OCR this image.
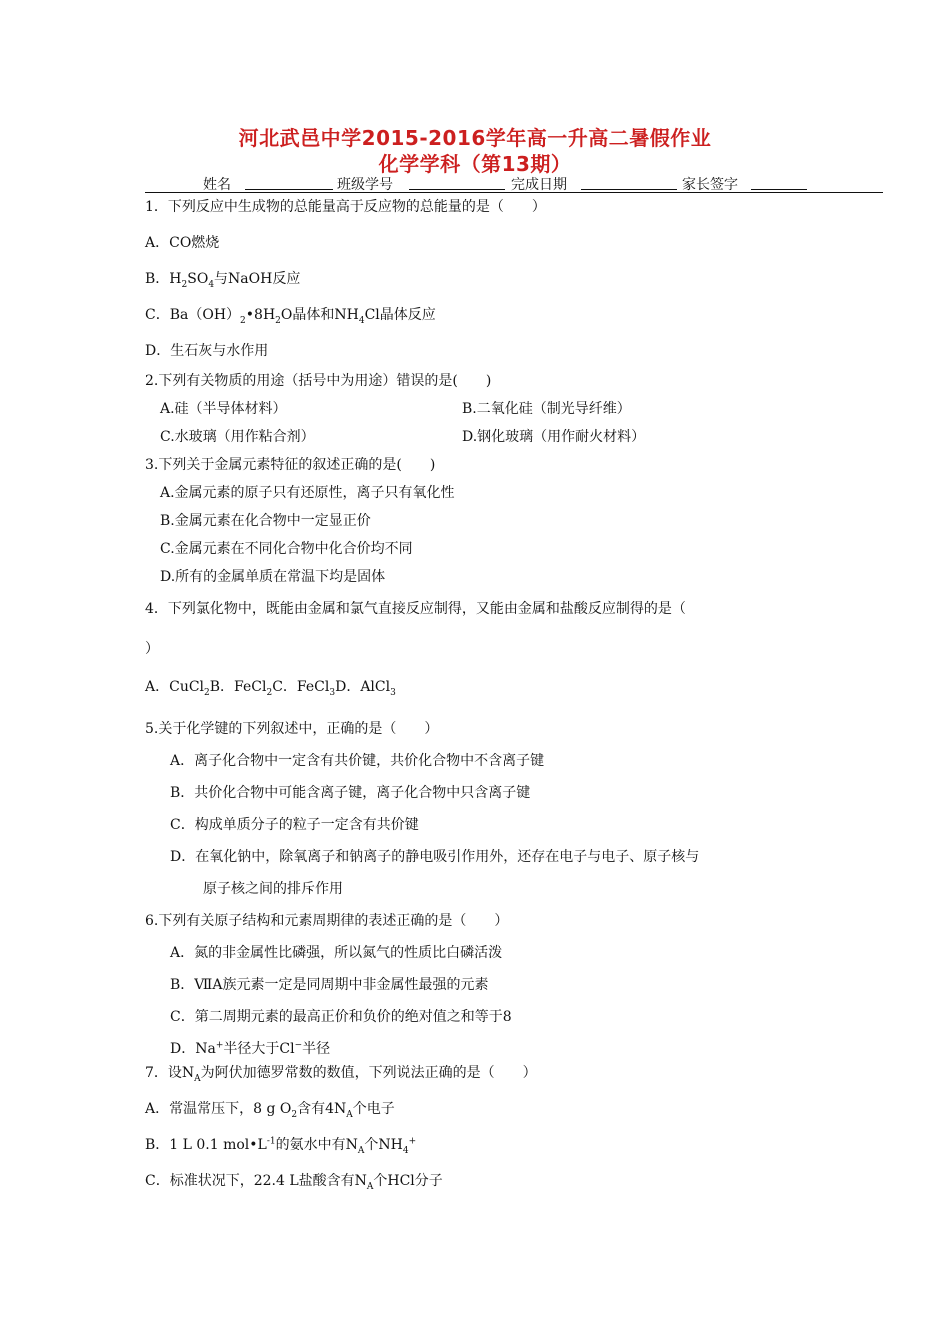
河北武邑中学2015-2016学年高一升高二暑假作业
化学学科（第13期）
姓名	班级学号	完成日期	家长签字
1．下列反应中生成物的总能量高于反应物的总能量的是（　　）
A．CO燃烧
B．$H_2SO_4$与NaOH反应
C．$Ba(OH)_2•8H_2O$晶体和$NH_4Cl$晶体反应
D．生石灰与水作用
2.下列有关物质的用途（括号中为用途）错误的是(　　)
A.硅（半导体材料）	B.二氧化硅（制光导纤维）
C.水玻璃（用作粘合剂）	D.钢化玻璃（用作耐火材料）
3.下列关于金属元素特征的叙述正确的是(　　)
A.金属元素的原子只有还原性，离子只有氧化性
B.金属元素在化合物中一定显正价
C.金属元素在不同化合物中化合价均不同
D.所有的金属单质在常温下均是固体
4．下列氯化物中，既能由金属和氯气直接反应制得，又能由金属和盐酸反应制得的是（
）
A．CuCl$_2$B．FeCl$_2$C．FeCl$_3$D．AlCl$_3$
5.关于化学键的下列叙述中，正确的是（　　）
A．离子化合物中一定含有共价键，共价化合物中不含离子键
B．共价化合物中可能含离子键，离子化合物中只含离子键
C．构成单质分子的粒子一定含有共价键
D．在氧化钠中，除氧离子和钠离子的静电吸引作用外，还存在电子与电子、原子核与
原子核之间的排斥作用
6.下列有关原子结构和元素周期律的表述正确的是（　　）
A．氮的非金属性比磷强，所以氮气的性质比白磷活泼
B．ⅦA族元素一定是同周期中非金属性最强的元素
C．第二周期元素的最高正价和负价的绝对值之和等于8
D．Na+半径大于Cl−半径
7．设$N_A$为阿伏加德罗常数的数值，下列说法正确的是（　　）
A．常温常压下，8 g $O_2$含有$4N_A$个电子
B．1 L 0.1 $mol•L^{-1}$的氨水中有$N_A$个$NH_4^+$
C．标准状况下，22.4 L盐酸含有$N_A$个HCl分子
